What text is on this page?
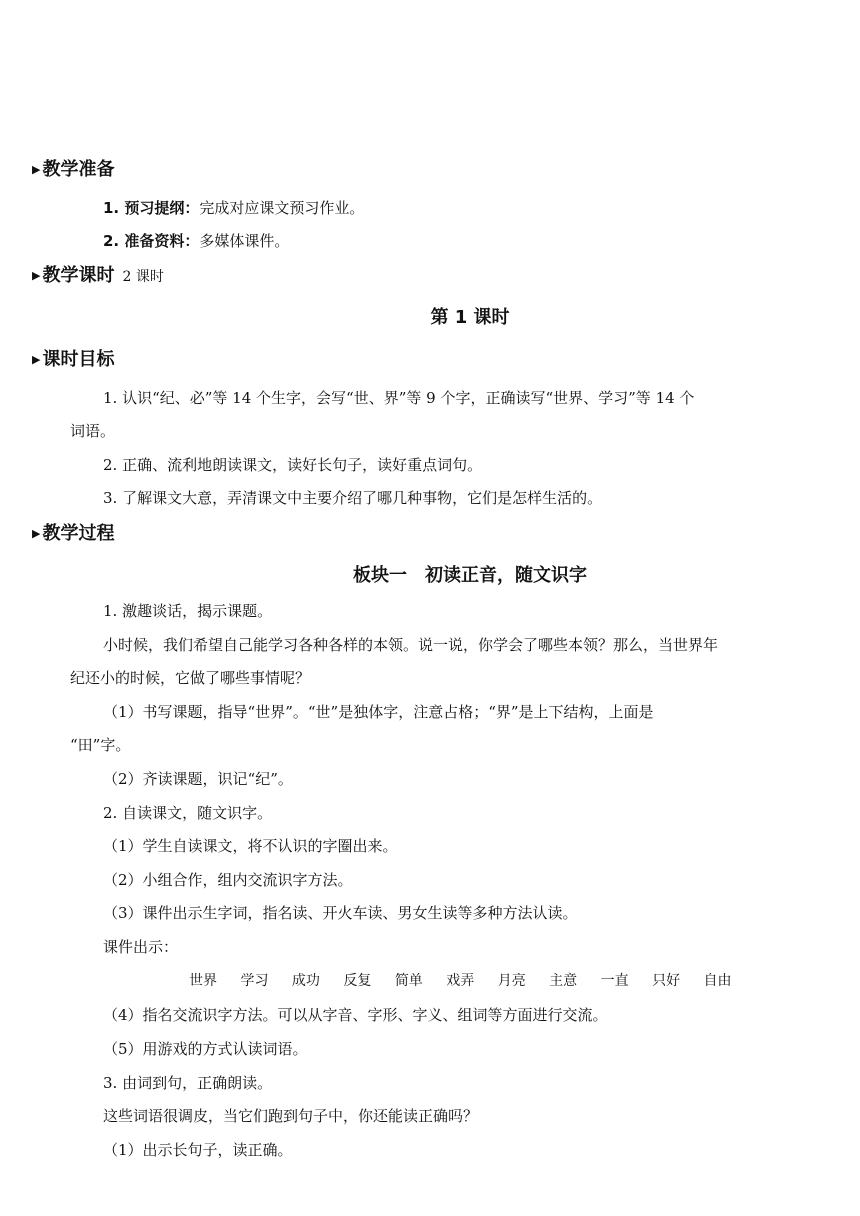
▶ 教学准备
1. 预习提纲：完成对应课文预习作业。
2. 准备资料：多媒体课件。
▶ 教学课时 2 课时
第 1 课时
▶ 课时目标
1. 认识“纪、必”等 14 个生字，会写“世、界”等 9 个字，正确读写“世界、学习”等 14 个
词语。
2. 正确、流利地朗读课文，读好长句子，读好重点词句。
3. 了解课文大意，弄清课文中主要介绍了哪几种事物，它们是怎样生活的。
▶ 教学过程
板块一　初读正音，随文识字
1. 激趣谈话，揭示课题。
小时候，我们希望自己能学习各种各样的本领。说一说，你学会了哪些本领？那么，当世界年
纪还小的时候，它做了哪些事情呢？
（1）书写课题，指导“世界”。“世”是独体字，注意占格；“界”是上下结构，上面是
“田”字。
（2）齐读课题，识记“纪”。
2. 自读课文，随文识字。
（1）学生自读课文，将不认识的字圈出来。
（2）小组合作，组内交流识字方法。
（3）课件出示生字词，指名读、开火车读、男女生读等多种方法认读。
课件出示：
世界 学习 成功 反复 简单 戏弄 月亮 主意 一直 只好 自由
（4）指名交流识字方法。可以从字音、字形、字义、组词等方面进行交流。
（5）用游戏的方式认读词语。
3. 由词到句，正确朗读。
这些词语很调皮，当它们跑到句子中，你还能读正确吗？
（1）出示长句子，读正确。
